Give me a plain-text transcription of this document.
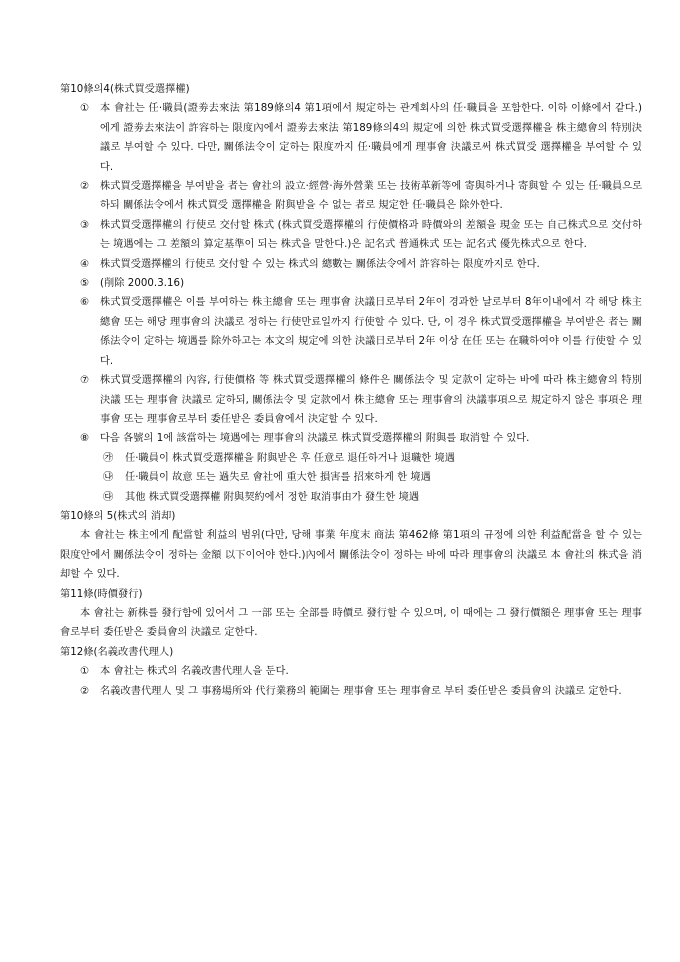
第10條의4(株式買受選擇權)
①	本 會社는 任·職員(證劵去來法 第189條의4 第1項에서 規定하는 관계회사의 任·職員을 포함한다. 이하 이條에서 같다.)에게 證劵去來法이 許容하는 限度內에서 證劵去來法 第189條의4의 規定에 의한 株式買受選擇權을 株主總會의 特別決議로 부여할 수 있다. 다만, 關係法令이 定하는 限度까지 任·職員에게 理事會 決議로써 株式買受 選擇權을 부여할 수 있다.
②	株式買受選擇權을 부여받을 者는 會社의 設立·經營·海外營業 또는 技術革新等에 寄與하거나 寄與할 수 있는 任·職員으로 하되 關係法令에서 株式買受 選擇權을 附與받을 수 없는 者로 規定한 任·職員은 除外한다.
③	株式買受選擇權의 行使로 交付할 株式 (株式買受選擇權의 行使價格과 時價와의 差額을 現金 또는 自己株式으로 交付하는 境遇에는 그 差額의 算定基準이 되는 株式을 말한다.)은 記名式 普通株式 또는 記名式 優先株式으로 한다.
④	株式買受選擇權의 行使로 交付할 수 있는 株式의 總數는 關係法令에서 許容하는 限度까지로 한다.
⑤	(削除 2000.3.16)
⑥	株式買受選擇權은 이를 부여하는 株主總會 또는 理事會 決議日로부터 2年이 경과한 날로부터 8年이내에서 각 해당 株主總會 또는 해당 理事會의 決議로 정하는 行使만료일까지 行使할 수 있다. 단, 이 경우 株式買受選擇權을 부여받은 者는 關係法令이 定하는 境遇를 除外하고는 本文의 規定에 의한 決議日로부터 2年 이상 在任 또는 在職하여야 이를 行使할 수 있다.
⑦	株式買受選擇權의 內容, 行使價格 等 株式買受選擇權의 條件은 關係法令 및 定款이 定하는 바에 따라 株主總會의 特別決議 또는 理事會 決議로 定하되, 關係法令 및 定款에서 株主總會 또는 理事會의 決議事項으로 規定하지 않은 事項은 理事會 또는 理事會로부터 委任받은 委員會에서 決定할 수 있다.
⑧	다음 各號의 1에 該當하는 境遇에는 理事會의 決議로 株式買受選擇權의 附與를 取消할 수 있다.
㉮ 任·職員이 株式買受選擇權을 附與받은 후 任意로 退任하거나 退職한 境遇
㉯ 任·職員이 故意 또는 過失로 會社에 重大한 損害를 招來하게 한 境遇
㉰ 其他 株式買受選擇權 附與契約에서 정한 取消事由가 發生한 境遇
第10條의 5(株式의 消却)
本 會社는 株主에게 配當할 利益의 범위(다만, 당해 事業 年度末 商法 第462條 第1項의 규정에 의한 利益配當을 할 수 있는 限度안에서 關係法令이 정하는 金額 以下이어야 한다.)內에서 關係法令이 정하는 바에 따라 理事會의 決議로 本 會社의 株式을 消却할 수 있다.
第11條(時價發行)
本 會社는 新株를 發行함에 있어서 그 一部 또는 全部를 時價로 發行할 수 있으며, 이 때에는 그 發行價額은 理事會 또는 理事會로부터 委任받은 委員會의 決議로 定한다.
第12條(名義改書代理人)
①	本 會社는 株式의 名義改書代理人을 둔다.
②	名義改書代理人 및 그 事務場所와 代行業務의 範圍는 理事會 또는 理事會로 부터 委任받은 委員會의 決議로 定한다.
